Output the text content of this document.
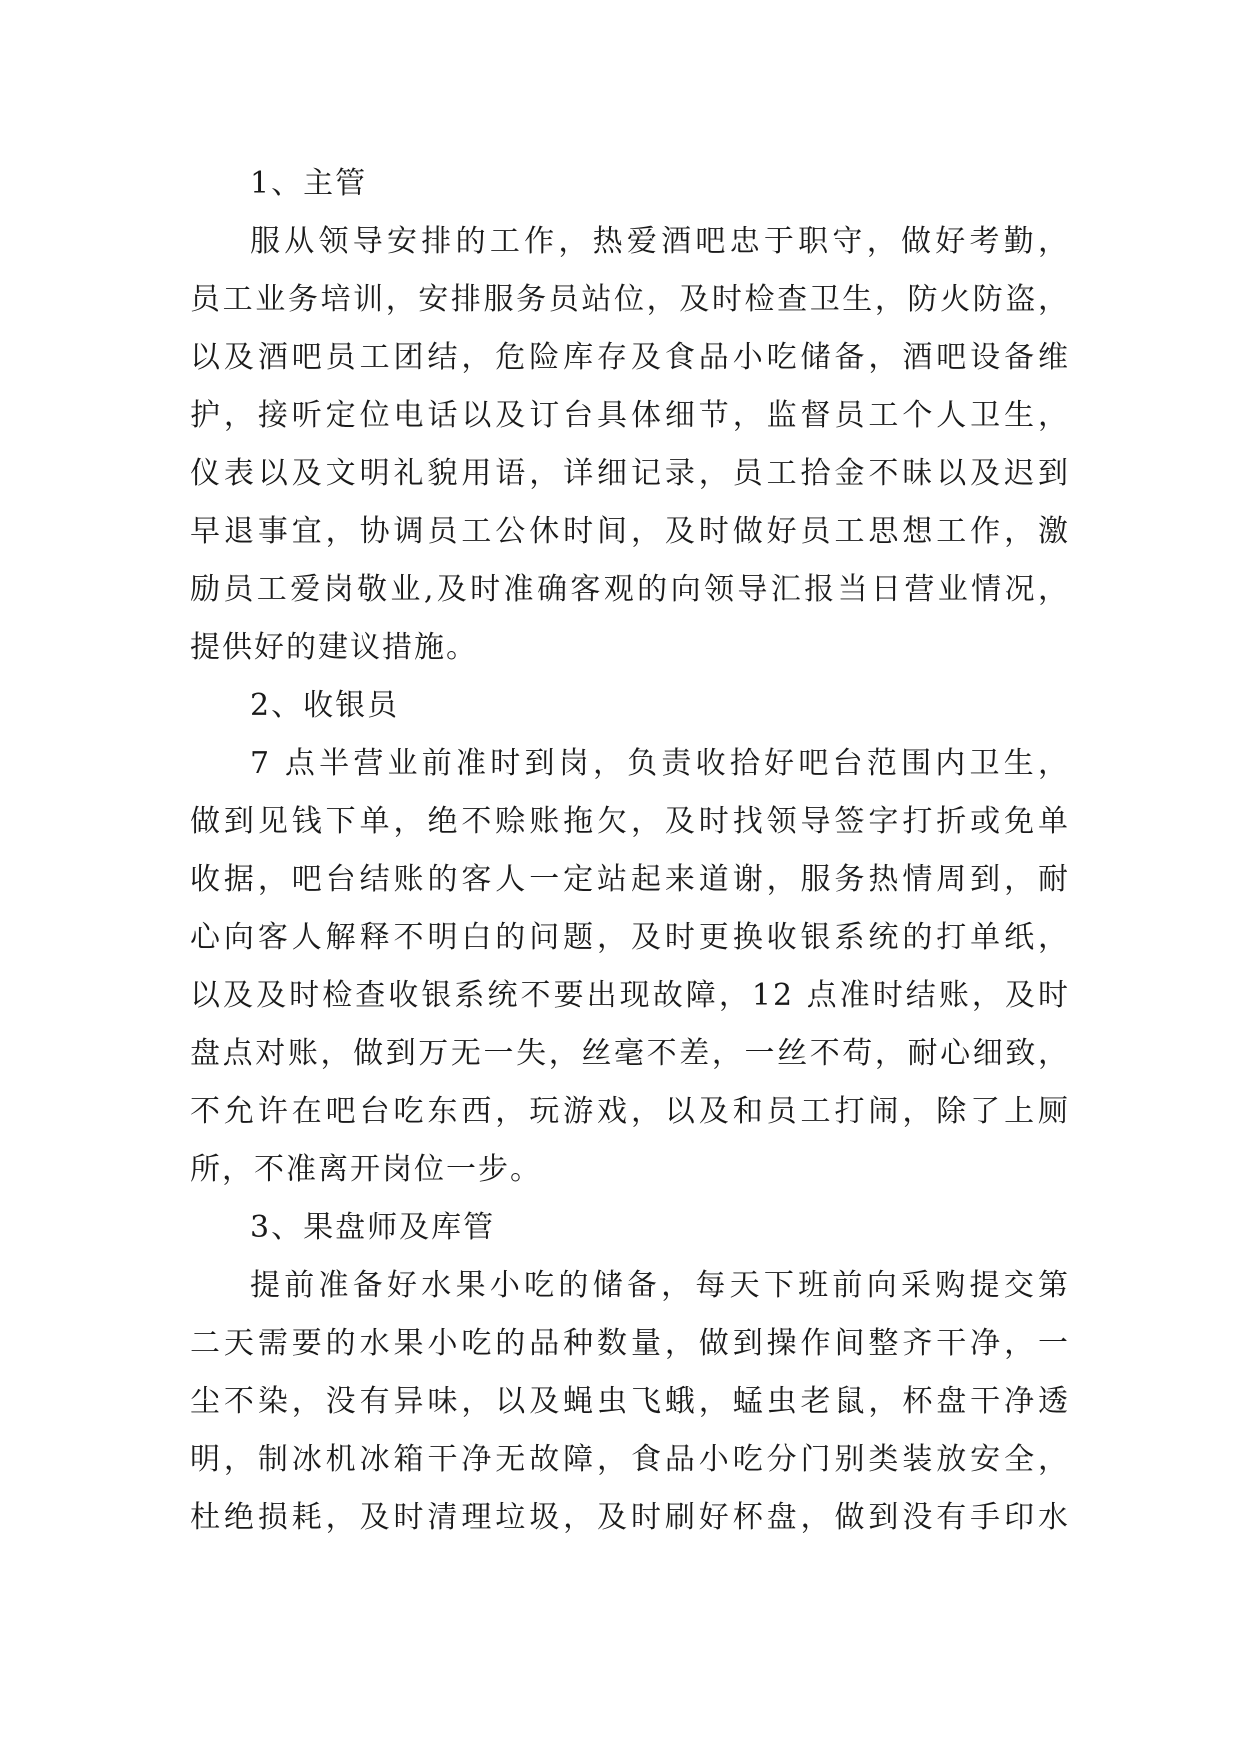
1、主管
服从领导安排的工作，热爱酒吧忠于职守，做好考勤，
员工业务培训，安排服务员站位，及时检查卫生，防火防盗，
以及酒吧员工团结，危险库存及食品小吃储备，酒吧设备维
护，接听定位电话以及订台具体细节，监督员工个人卫生，
仪表以及文明礼貌用语，详细记录，员工拾金不昧以及迟到
早退事宜，协调员工公休时间，及时做好员工思想工作，激
励员工爱岗敬业,及时准确客观的向领导汇报当日营业情况，
提供好的建议措施。
2、收银员
7 点半营业前准时到岗，负责收拾好吧台范围内卫生，
做到见钱下单，绝不赊账拖欠，及时找领导签字打折或免单
收据，吧台结账的客人一定站起来道谢，服务热情周到，耐
心向客人解释不明白的问题，及时更换收银系统的打单纸，
以及及时检查收银系统不要出现故障，12 点准时结账，及时
盘点对账，做到万无一失，丝毫不差，一丝不苟，耐心细致，
不允许在吧台吃东西，玩游戏，以及和员工打闹，除了上厕
所，不准离开岗位一步。
3、果盘师及库管
提前准备好水果小吃的储备，每天下班前向采购提交第
二天需要的水果小吃的品种数量，做到操作间整齐干净，一
尘不染，没有异味，以及蝇虫飞蛾，蜢虫老鼠，杯盘干净透
明，制冰机冰箱干净无故障，食品小吃分门别类装放安全，
杜绝损耗，及时清理垃圾，及时刷好杯盘，做到没有手印水
